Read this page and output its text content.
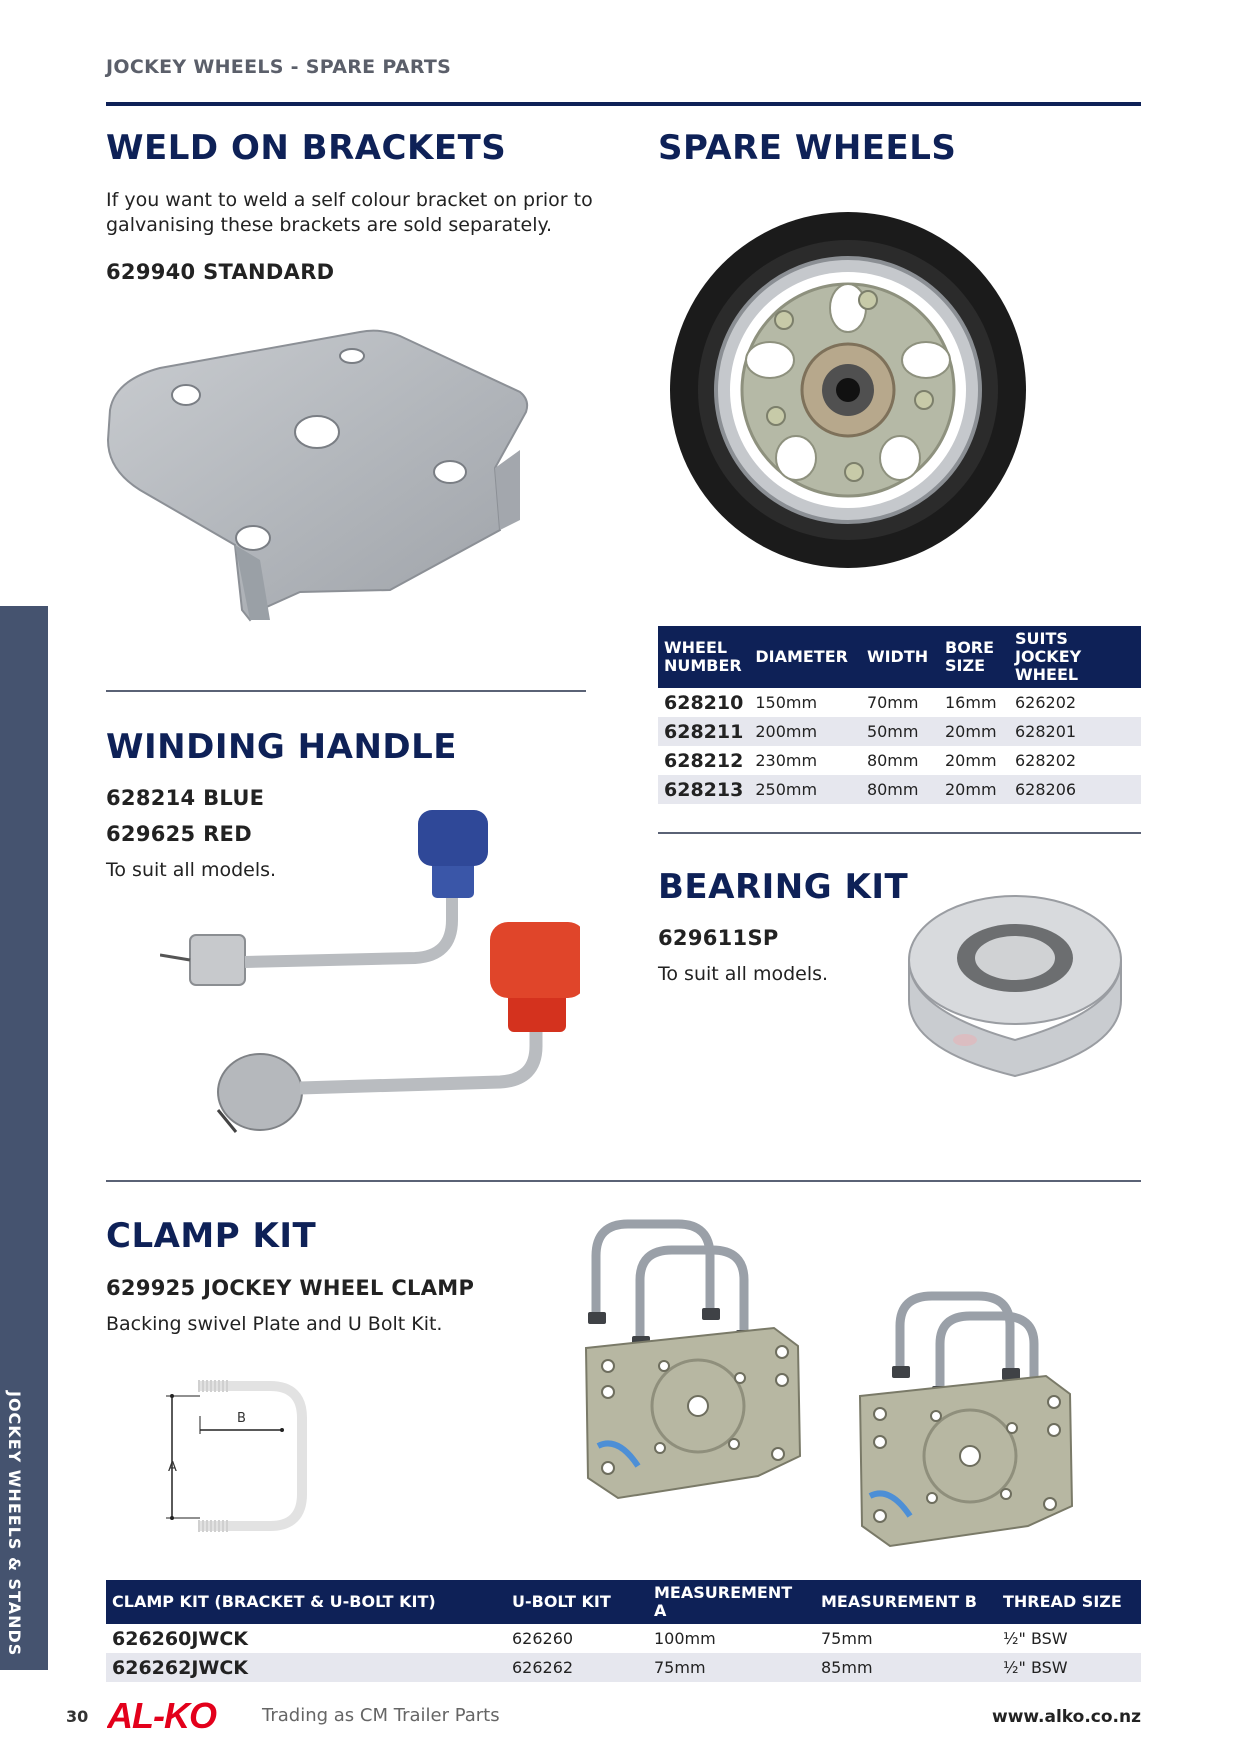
JOCKEY WHEELS - SPARE PARTS
JOCKEY WHEELS & STANDS
WELD ON BRACKETS
If you want to weld a self colour bracket on prior to
galvanising these brackets are sold separately.
629940 STANDARD
SPARE WHEELS
WHEEL NUMBER	DIAMETER	WIDTH	BORE SIZE	SUITS JOCKEY WHEEL
628210	150mm	70mm	16mm	626202
628211	200mm	50mm	20mm	628201
628212	230mm	80mm	20mm	628202
628213	250mm	80mm	20mm	628206
WINDING HANDLE
628214 BLUE
629625 RED
To suit all models.	BEARING KIT
629611SP
To suit all models.
CLAMP KIT
629925 JOCKEY WHEEL CLAMP
Backing swivel Plate and U Bolt Kit.
A
B
CLAMP KIT (BRACKET & U-BOLT KIT)	U-BOLT KIT	MEASUREMENT A	MEASUREMENT B	THREAD SIZE
626260JWCK	626260	100mm	75mm	½" BSW
626262JWCK	626262	75mm	85mm	½" BSW
30 AL-KO	Trading as CM Trailer Parts	www.alko.co.nz
